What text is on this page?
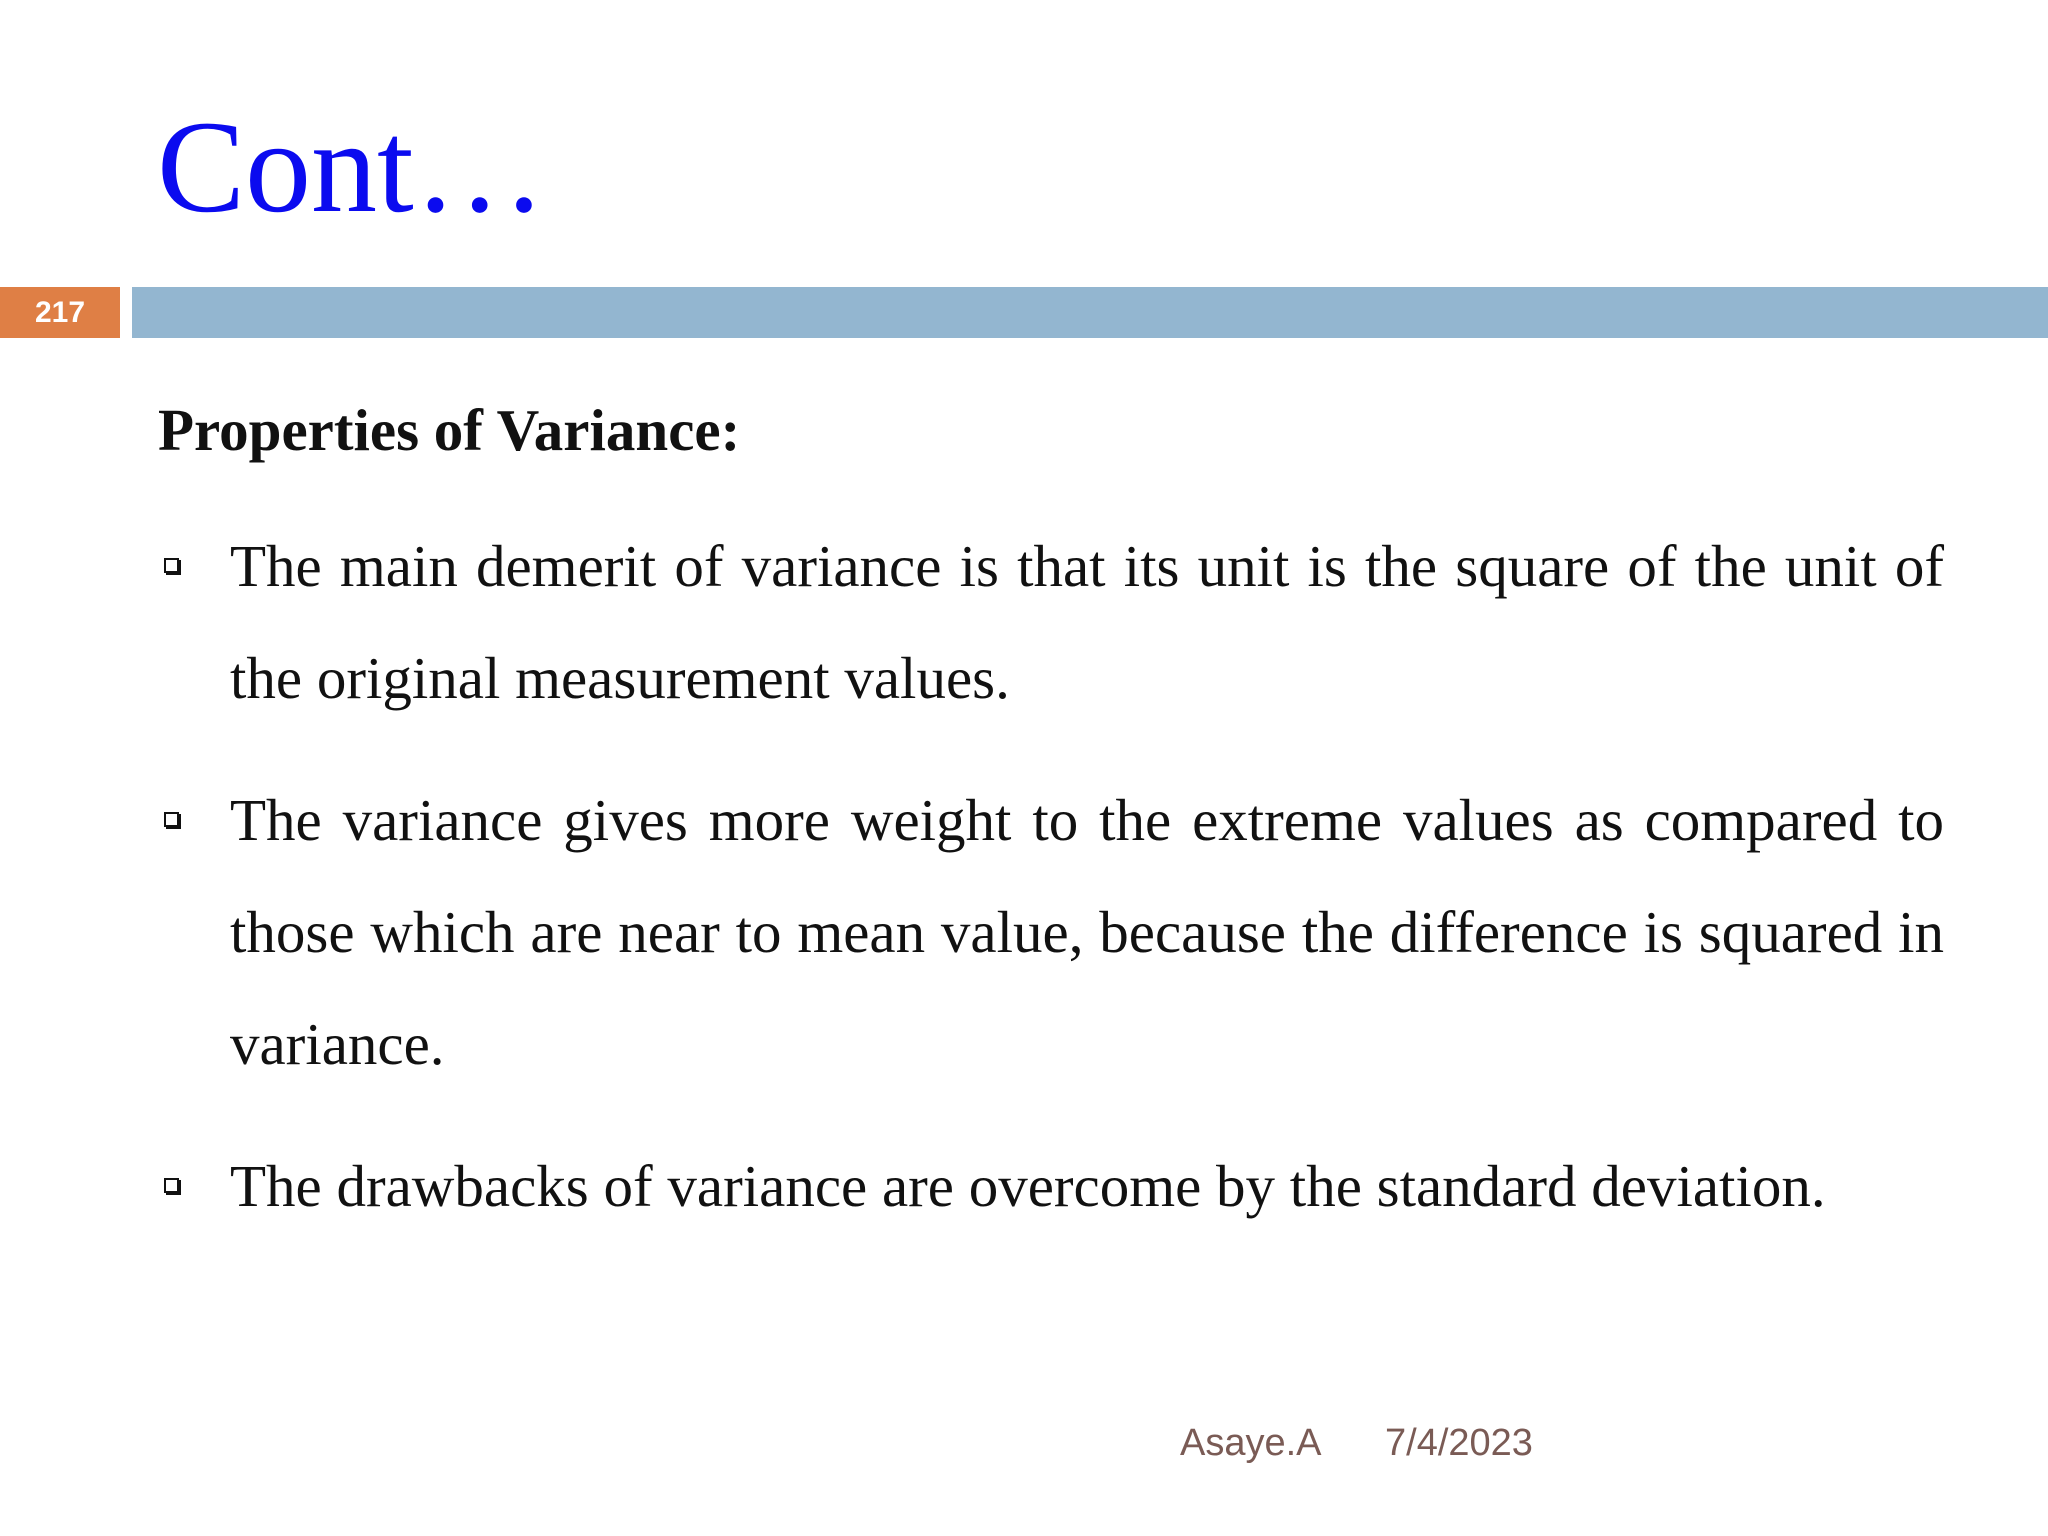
Cont…
217
Properties of Variance:
The main demerit of variance is that its unit is the square of the unit of the original measurement values.
The variance gives more weight to the extreme values as compared to those which are near to mean value, because the difference is squared in variance.
The drawbacks of variance are overcome by the standard deviation.
Asaye.A 7/4/2023
